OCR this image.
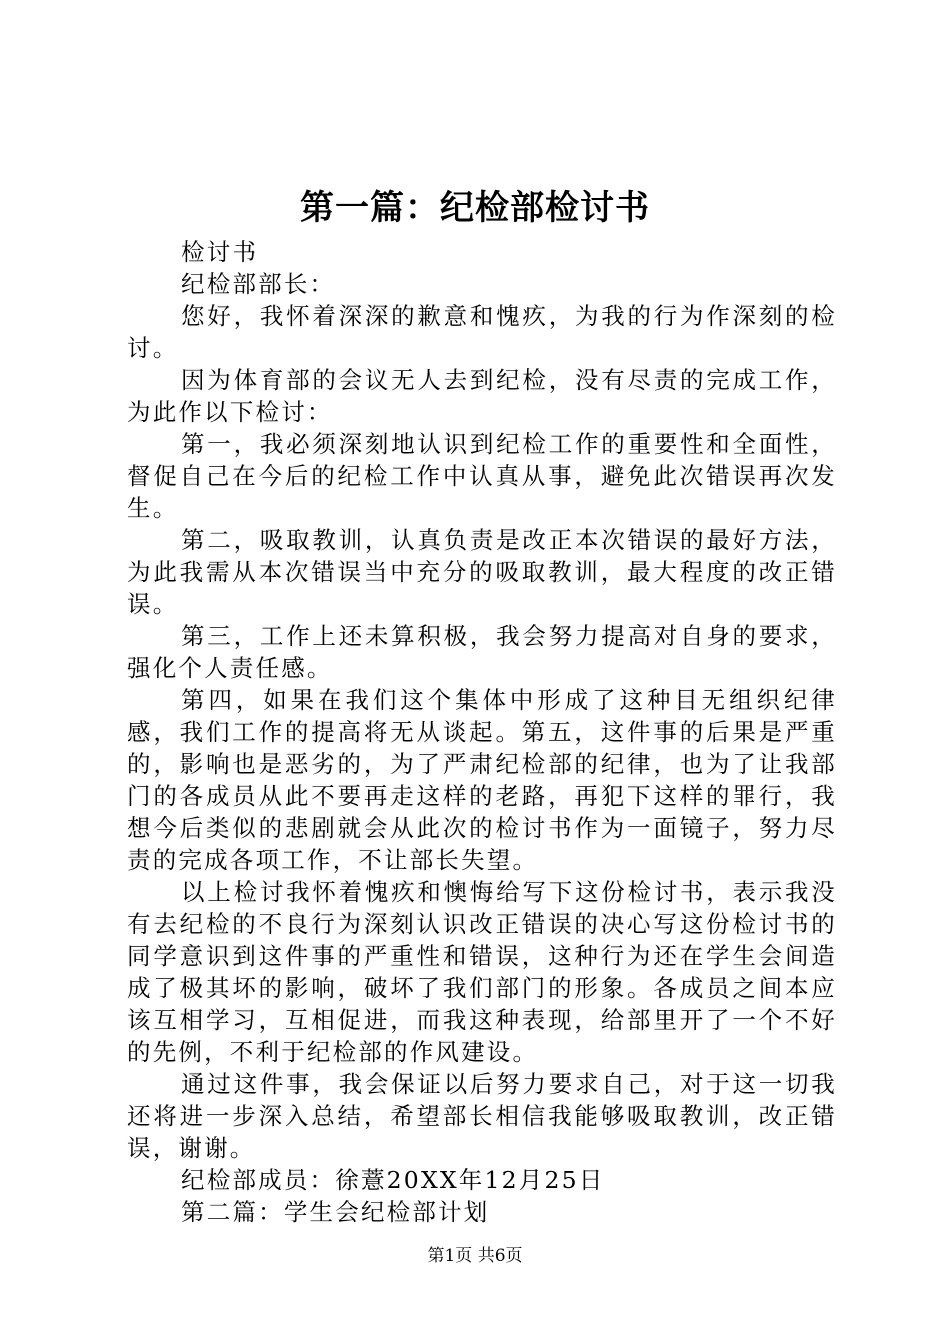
第一篇：纪检部检讨书

检讨书

纪检部部长：

您好，我怀着深深的歉意和愧疚，为我的行为作深刻的检讨。

因为体育部的会议无人去到纪检，没有尽责的完成工作，为此作以下检讨：

第一，我必须深刻地认识到纪检工作的重要性和全面性，督促自己在今后的纪检工作中认真从事，避免此次错误再次发生。

第二，吸取教训，认真负责是改正本次错误的最好方法，为此我需从本次错误当中充分的吸取教训，最大程度的改正错误。

第三，工作上还未算积极，我会努力提高对自身的要求，强化个人责任感。

第四，如果在我们这个集体中形成了这种目无组织纪律感，我们工作的提高将无从谈起。第五，这件事的后果是严重的，影响也是恶劣的，为了严肃纪检部的纪律，也为了让我部门的各成员从此不要再走这样的老路，再犯下这样的罪行，我想今后类似的悲剧就会从此次的检讨书作为一面镜子，努力尽责的完成各项工作，不让部长失望。

以上检讨我怀着愧疚和懊悔给写下这份检讨书，表示我没有去纪检的不良行为深刻认识改正错误的决心写这份检讨书的同学意识到这件事的严重性和错误，这种行为还在学生会间造成了极其坏的影响，破坏了我们部门的形象。各成员之间本应该互相学习，互相促进，而我这种表现，给部里开了一个不好的先例，不利于纪检部的作风建设。

通过这件事，我会保证以后努力要求自己，对于这一切我还将进一步深入总结，希望部长相信我能够吸取教训，改正错误，谢谢。

纪检部成员：徐薏20XX年12月25日

第二篇：学生会纪检部计划

第1页 共6页
